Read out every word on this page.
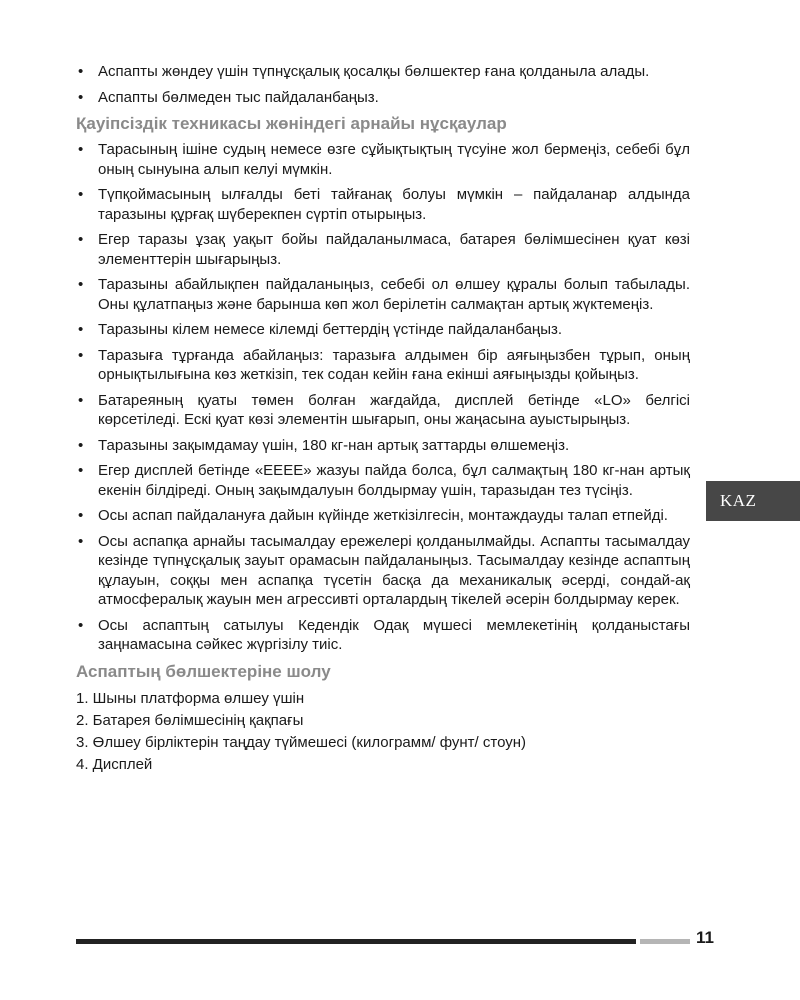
• Аспапты жөндеу үшін түпнұсқалық қосалқы бөлшектер ғана қолданыла алады.
• Аспапты бөлмеден тыс пайдаланбаңыз.
Қауіпсіздік техникасы жөніндегі арнайы нұсқаулар
• Тараcының ішіне судың немесе өзге сұйықтықтың түсуіне жол бермеңіз, себебі бұл оның сынуына алып келуі мүмкін.
• Түпқоймасының ылғалды беті тайғанақ болуы мүмкін – пайдаланар алдында таразыны құрғақ шүберекпен сүртіп отырыңыз.
• Егер таразы ұзақ уақыт бойы пайдаланылмаса, батарея бөлімшесінен қуат көзі элементтерін шығарыңыз.
• Таразыны абайлықпен пайдаланыңыз, себебі ол өлшеу құралы болып табылады. Оны құлатпаңыз және барынша көп жол берілетін салмақтан артық жүктемеңіз.
• Таразыны кілем немесе кілемді беттердің үстінде пайдаланбаңыз.
• Таразыға тұрғанда абайлаңыз: таразыға алдымен бір аяғыңызбен тұрып, оның орнықтылығына көз жеткізіп, тек содан кейін ғана екінші аяғыңызды қойыңыз.
• Батареяның қуаты төмен болған жағдайда, дисплей бетінде «LO» белгісі көрсетіледі. Ескі қуат көзі элементін шығарып, оны жаңасына ауыстырыңыз.
• Таразыны зақымдамау үшін, 180 кг-нан артық заттарды өлшемеңіз.
• Егер дисплей бетінде «EEEE» жазуы пайда болса, бұл салмақтың 180 кг-нан артық екенін білдіреді. Оның зақымдалуын болдырмау үшін, таразыдан тез түсіңіз.
• Осы аспап пайдалануға дайын күйінде жеткізілгесін, монтаждауды талап етпейді.
• Осы аспапқа арнайы тасымалдау ережелері қолданылмайды. Аспапты тасымалдау кезінде түпнұсқалық зауыт орамасын пайдаланыңыз. Тасымалдау кезінде аспаптың құлауын, соққы мен аспапқа түсетін басқа да механикалық әсерді, сондай-ақ атмосфералық жауын мен агрессивті орталардың тікелей әсерін болдырмау керек.
• Осы аспаптың сатылуы Кедендік Одақ мүшесі мемлекетінің қолданыстағы заңнамасына сәйкес жүргізілу тиіс.
Аспаптың бөлшектеріне шолу
1. Шыны платформа өлшеу үшін
2. Батарея бөлімшесінің қақпағы
3. Өлшеу бірліктерін таңдау түймешесі (килограмм/ фунт/ стоун)
4. Дисплей
KAZ
11
